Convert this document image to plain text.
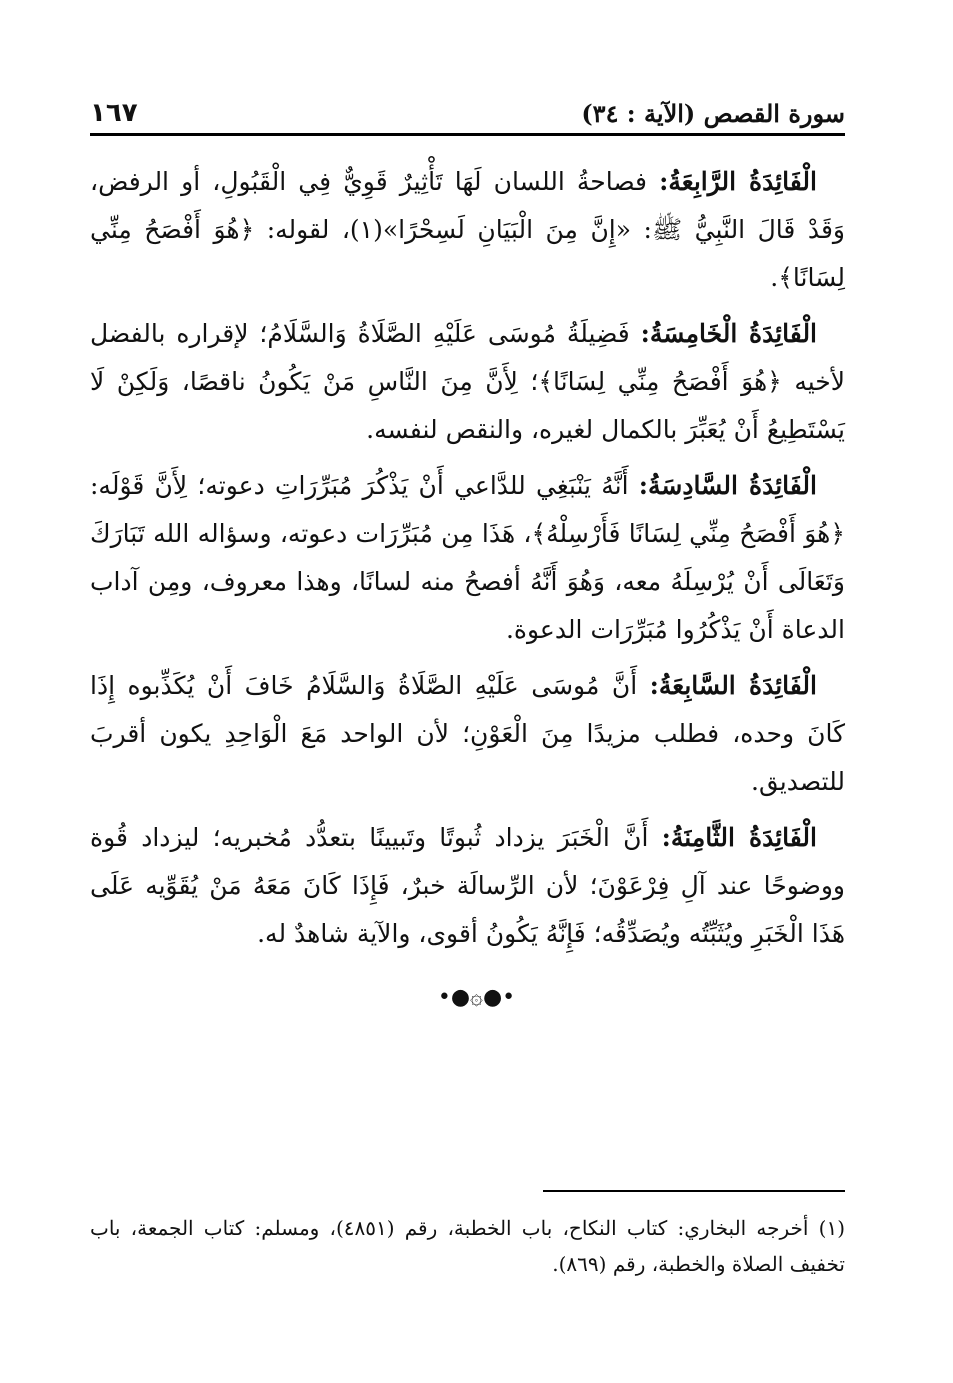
سورة القصص (الآية : ٣٤)
١٦٧

الْفَائِدَةُ الرَّابِعَةُ: فصاحةُ اللسان لَهَا تَأْثِيرٌ قَوِيٌّ فِي الْقَبُولِ، أو الرفض، وَقَدْ قَالَ النَّبِيُّ ﷺ: «إِنَّ مِنَ الْبَيَانِ لَسِحْرًا»(١)، لقوله: ﴿هُوَ أَفْصَحُ مِنِّي لِسَانًا﴾.

الْفَائِدَةُ الْخَامِسَةُ: فَضِيلَةُ مُوسَى عَلَيْهِ الصَّلَاةُ وَالسَّلَامُ؛ لإقراره بالفضل لأخيه ﴿هُوَ أَفْصَحُ مِنِّي لِسَانًا﴾؛ لِأَنَّ مِنَ النَّاسِ مَنْ يَكُونُ ناقصًا، وَلَكِنْ لَا يَسْتَطِيعُ أَنْ يُعَبِّرَ بالكمال لغيره، والنقص لنفسه.

الْفَائِدَةُ السَّادِسَةُ: أَنَّهُ يَنْبَغِي للدَّاعي أَنْ يَذْكُرَ مُبَرِّرَاتِ دعوته؛ لِأَنَّ قَوْلَه: ﴿هُوَ أَفْصَحُ مِنِّي لِسَانًا فَأَرْسِلْهُ﴾، هَذَا مِن مُبَرِّرَات دعوته، وسؤاله الله تَبَارَكَ وَتَعَالَى أَنْ يُرْسِلَهُ معه، وَهُوَ أَنَّهُ أفصحُ منه لسانًا، وهذا معروف، ومِن آداب الدعاة أَنْ يَذْكُرُوا مُبَرِّرَات الدعوة.

الْفَائِدَةُ السَّابِعَةُ: أَنَّ مُوسَى عَلَيْهِ الصَّلَاةُ وَالسَّلَامُ خَافَ أَنْ يُكَذِّبوه إِذَا كَانَ وحده، فطلب مزيدًا مِنَ الْعَوْنِ؛ لأن الواحد مَعَ الْوَاحِدِ يكون أقربَ للتصديق.

الْفَائِدَةُ الثَّامِنَةُ: أَنَّ الْخَبَرَ يزداد ثُبوتًا وتَبيينًا بتعدُّد مُخبريه؛ ليزداد قُوة ووضوحًا عند آلِ فِرْعَوْنَ؛ لأن الرِّسالَة خبرٌ، فَإِذَا كَانَ مَعَهُ مَنْ يُقَوِّيه عَلَى هَذَا الْخَبَرِ ويُثَبِّتُه ويُصَدِّقُه؛ فَإِنَّهُ يَكُونُ أقوى، والآية شاهدٌ له.

•●۞●•
(١) أخرجه البخاري: كتاب النكاح، باب الخطبة، رقم (٤٨٥١)، ومسلم: كتاب الجمعة، باب تخفيف الصلاة والخطبة، رقم (٨٦٩).
